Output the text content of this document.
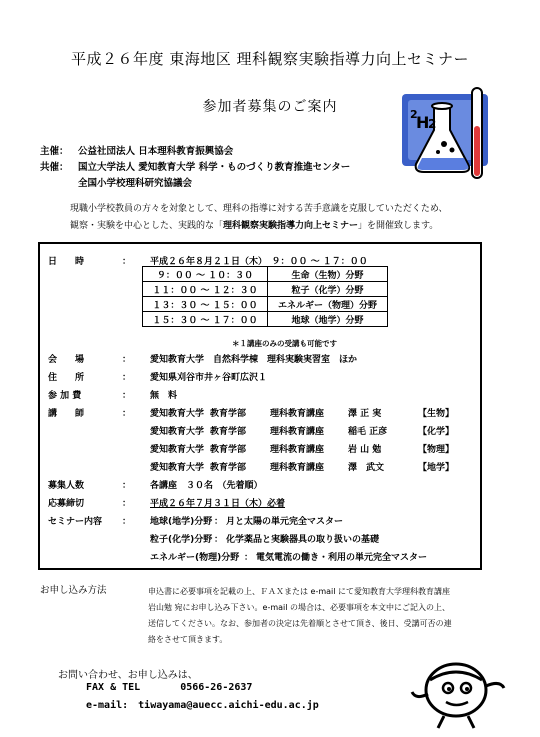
平成２６年度 東海地区 理科観察実験指導力向上セミナー
参加者募集のご案内
H
2
2
主催： 公益社団法人 日本理科教育振興協会
共催： 国立大学法人 愛知教育大学 科学・ものづくり教育推進センター
全国小学校理科研究協議会
現職小学校教員の方々を対象として、理科の指導に対する苦手意識を克服していただくため、
観察・実験を中心とした、実践的な「理科観察実験指導力向上セミナー」を開催致します。
日　　時	： 平成２６年８月２１日（木）　９：００ ～ １７：００
９：００ ～ １０：３０	生命（生物）分野
１１：００ ～ １２：３０	粒子（化学）分野
１３：３０ ～ １５：００	エネルギー（物理）分野
１５：３０ ～ １７：００	地球（地学）分野
＊１講座のみの受講も可能です
会　　場	： 愛知教育大学　自然科学棟　理科実験実習室　ほか
住　　所	： 愛知県刈谷市井ヶ谷町広沢１
参 加 費	： 無　料
講　　師	： 愛知教育大学 教育学部	理科教育講座	澤 正 実	【生物】
愛知教育大学 教育学部	理科教育講座	稲毛 正彦	【化学】
愛知教育大学 教育学部	理科教育講座	岩 山 勉	【物理】
愛知教育大学 教育学部	理科教育講座	澤　武文	【地学】
募集人数	： 各講座　３０名　（先着順）
応募締切	： 平成２６年７月３１日（木）必着
セミナー内容	： 地球(地学)分野 ： 月と太陽の単元完全マスター
粒子(化学)分野 ： 化学薬品と実験器具の取り扱いの基礎
エネルギー(物理)分野 ： 電気電流の働き・利用の単元完全マスター
お申し込み方法	申込書に必要事項を記載の上、ＦＡＸまたは e-mail にて愛知教育大学理科教育講座
岩山勉 宛にお申し込み下さい。e-mail の場合は、必要事項を本文中にご記入の上、
送信してください。なお、参加者の決定は先着順とさせて頂き、後日、受講可否の連
絡をさせて頂きます。
お問い合わせ、お申し込みは、
FAX & TEL	0566-26-2637
e-mail: tiwayama@auecc.aichi-edu.ac.jp
